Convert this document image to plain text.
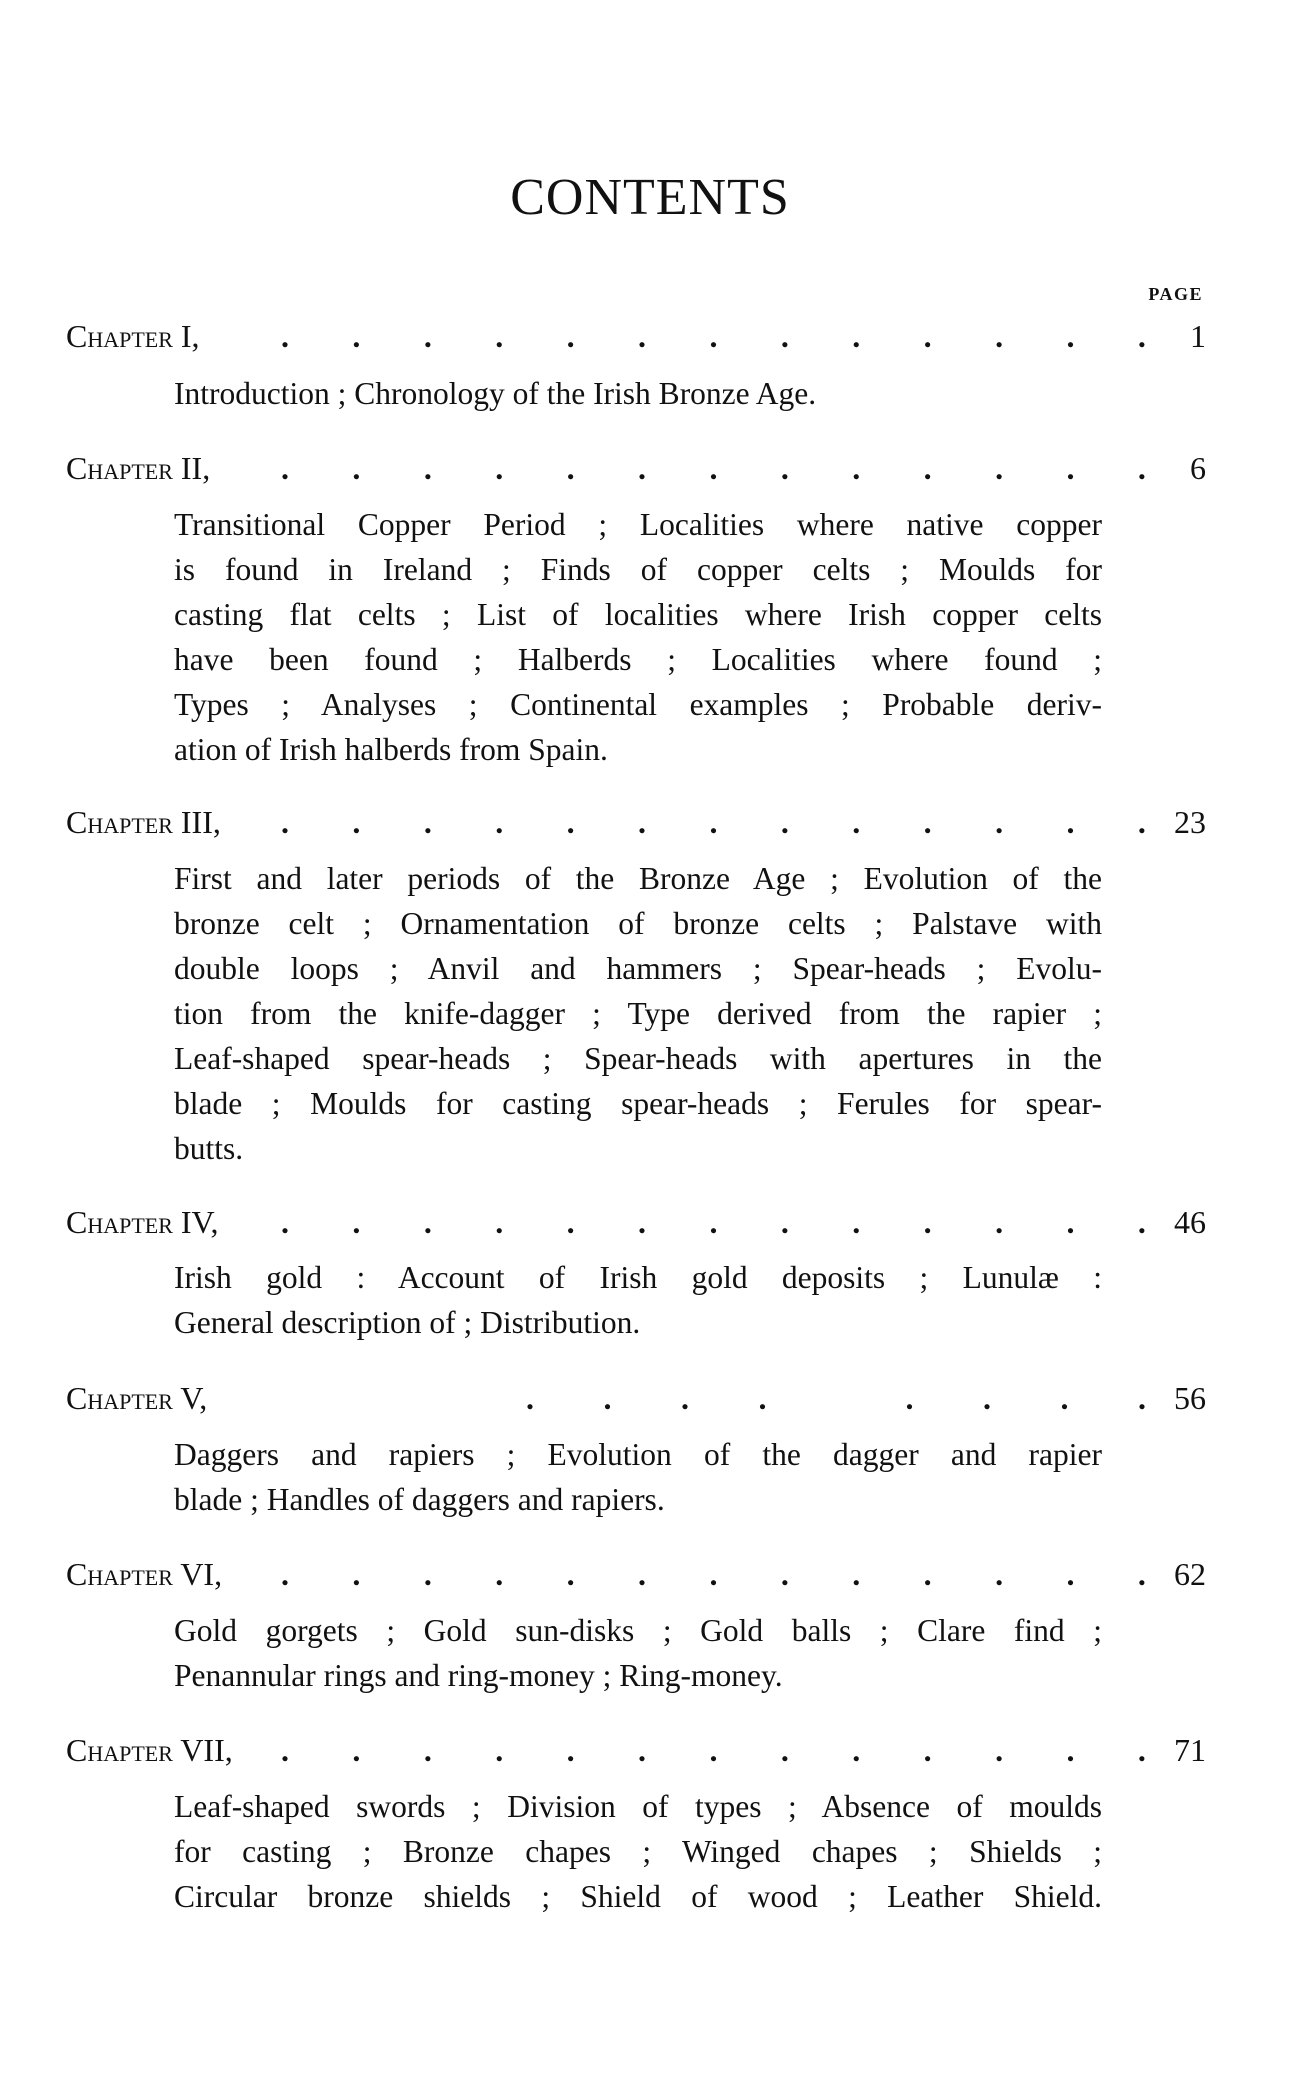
CONTENTS
PAGE
Chapter I,	. . . . . . . . . . . . . 1
Introduction ; Chronology of the Irish Bronze Age.
Chapter II, . . . . . . . . . . . . . 6
Transitional Copper Period ; Localities where native copper
is found in Ireland ; Finds of copper celts ; Moulds for
casting flat celts ; List of localities where Irish copper celts
have been found ; Halberds ; Localities where found ;
Types ; Analyses ; Continental examples ; Probable deriv-
ation of Irish halberds from Spain.
Chapter III, . . . . . . . . . . . . . 23
First and later periods of the Bronze Age ; Evolution of the
bronze celt ; Ornamentation of bronze celts ; Palstave with
double loops ; Anvil and hammers ; Spear-heads ; Evolu-
tion from the knife-dagger ; Type derived from the rapier ;
Leaf-shaped spear-heads ; Spear-heads with apertures in the
blade ; Moulds for casting spear-heads ; Ferules for spear-
butts.
Chapter IV, . . . . . . . . . . . . . 46
Irish gold : Account of Irish gold deposits ; Lunulæ :
General description of ; Distribution.
Chapter V,	. . . .	. . . . 56
Daggers and rapiers ; Evolution of the dagger and rapier
blade ; Handles of daggers and rapiers.
Chapter VI, . . . . . . . . . . . . . 62
Gold gorgets ; Gold sun-disks ; Gold balls ; Clare find ;
Penannular rings and ring-money ; Ring-money.
Chapter VII, . . . . . . . . . . . . . 71
Leaf-shaped swords ; Division of types ; Absence of moulds
for casting ; Bronze chapes ; Winged chapes ; Shields ;
Circular bronze shields ; Shield of wood ; Leather Shield.
